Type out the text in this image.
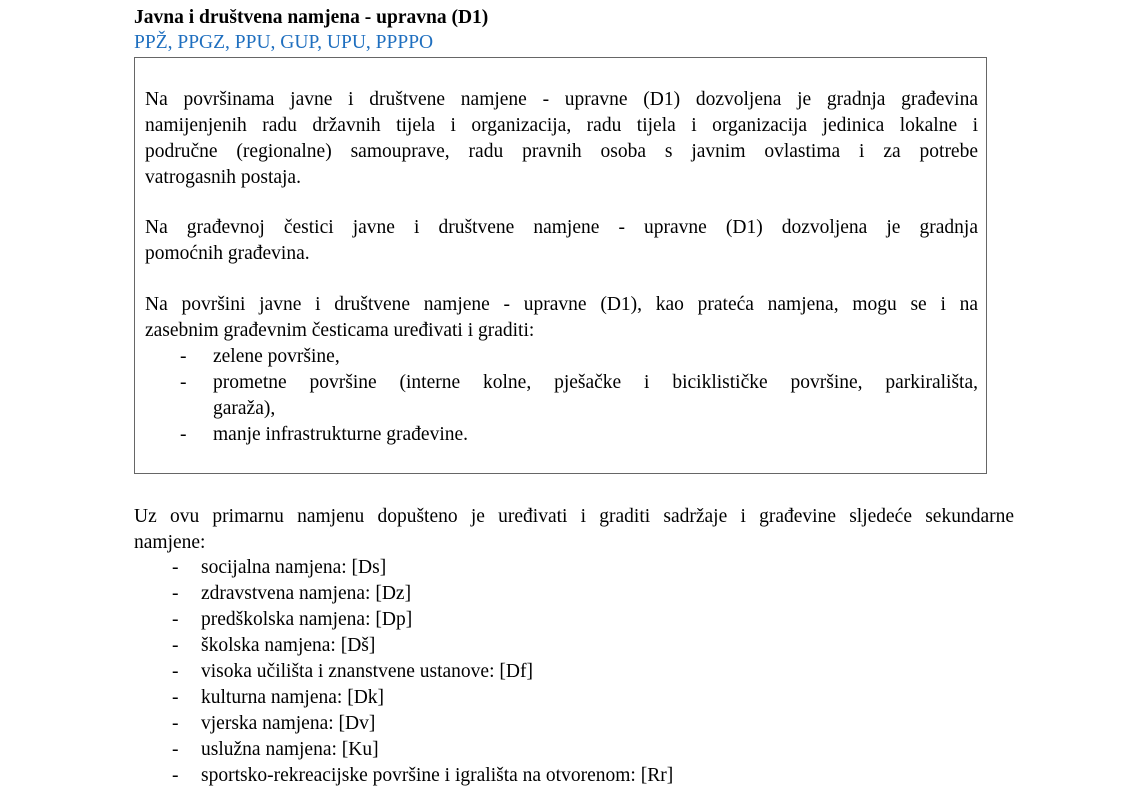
Javna i društvena namjena - upravna (D1)
PPŽ, PPGZ, PPU, GUP, UPU, PPPPO
Na površinama javne i društvene namjene - upravne (D1) dozvoljena je gradnja građevina
namijenjenih radu državnih tijela i organizacija, radu tijela i organizacija jedinica lokalne i
područne (regionalne) samouprave, radu pravnih osoba s javnim ovlastima i za potrebe
vatrogasnih postaja.
Na građevnoj čestici javne i društvene namjene - upravne (D1) dozvoljena je gradnja
pomoćnih građevina.
Na površini javne i društvene namjene - upravne (D1), kao prateća namjena, mogu se i na
zasebnim građevnim česticama uređivati i graditi:
- zelene površine,
- prometne površine (interne kolne, pješačke i biciklističke površine, parkirališta,
garaža),
- manje infrastrukturne građevine.
Uz ovu primarnu namjenu dopušteno je uređivati i graditi sadržaje i građevine sljedeće sekundarne
namjene:
- socijalna namjena: [Ds]
- zdravstvena namjena: [Dz]
- predškolska namjena: [Dp]
- školska namjena: [Dš]
- visoka učilišta i znanstvene ustanove: [Df]
- kulturna namjena: [Dk]
- vjerska namjena: [Dv]
- uslužna namjena: [Ku]
- sportsko-rekreacijske površine i igrališta na otvorenom: [Rr]
